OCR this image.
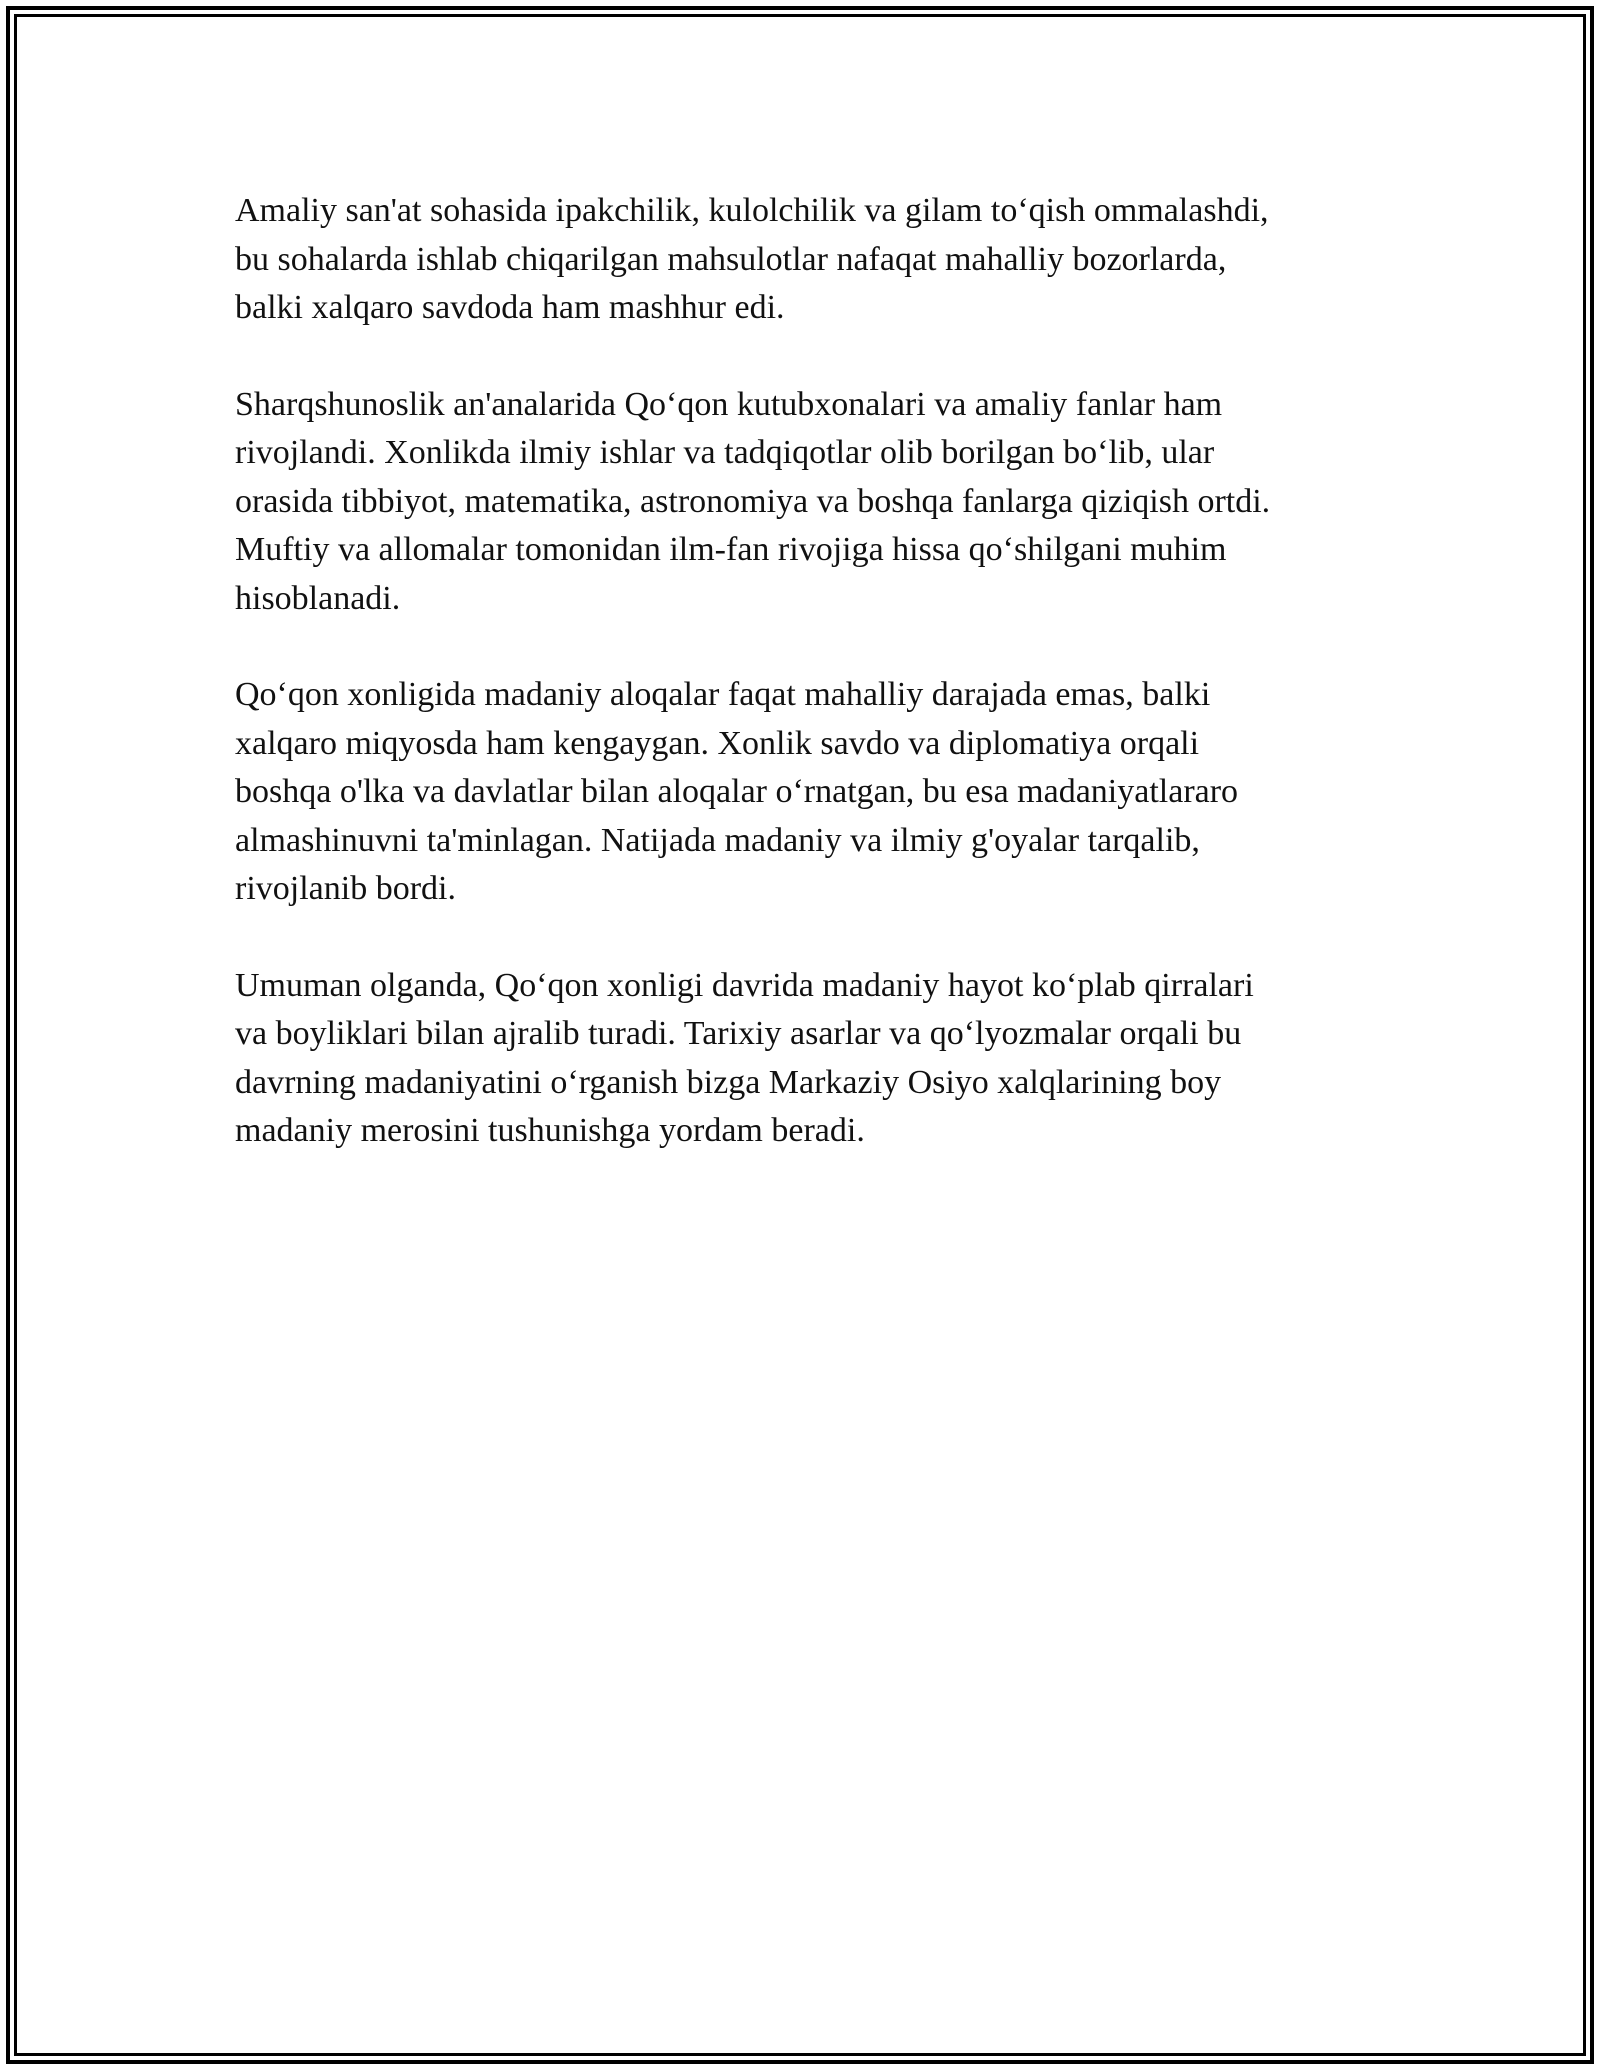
Amaliy san'at sohasida ipakchilik, kulolchilik va gilam to‘qish ommalashdi,
bu sohalarda ishlab chiqarilgan mahsulotlar nafaqat mahalliy bozorlarda,
balki xalqaro savdoda ham mashhur edi.

Sharqshunoslik an'analarida Qo‘qon kutubxonalari va amaliy fanlar ham
rivojlandi. Xonlikda ilmiy ishlar va tadqiqotlar olib borilgan bo‘lib, ular
orasida tibbiyot, matematika, astronomiya va boshqa fanlarga qiziqish ortdi.
Muftiy va allomalar tomonidan ilm-fan rivojiga hissa qo‘shilgani muhim
hisoblanadi.

Qo‘qon xonligida madaniy aloqalar faqat mahalliy darajada emas, balki
xalqaro miqyosda ham kengaygan. Xonlik savdo va diplomatiya orqali
boshqa o'lka va davlatlar bilan aloqalar o‘rnatgan, bu esa madaniyatlararo
almashinuvni ta'minlagan. Natijada madaniy va ilmiy g'oyalar tarqalib,
rivojlanib bordi.

Umuman olganda, Qo‘qon xonligi davrida madaniy hayot ko‘plab qirralari
va boyliklari bilan ajralib turadi. Tarixiy asarlar va qo‘lyozmalar orqali bu
davrning madaniyatini o‘rganish bizga Markaziy Osiyo xalqlarining boy
madaniy merosini tushunishga yordam beradi.
